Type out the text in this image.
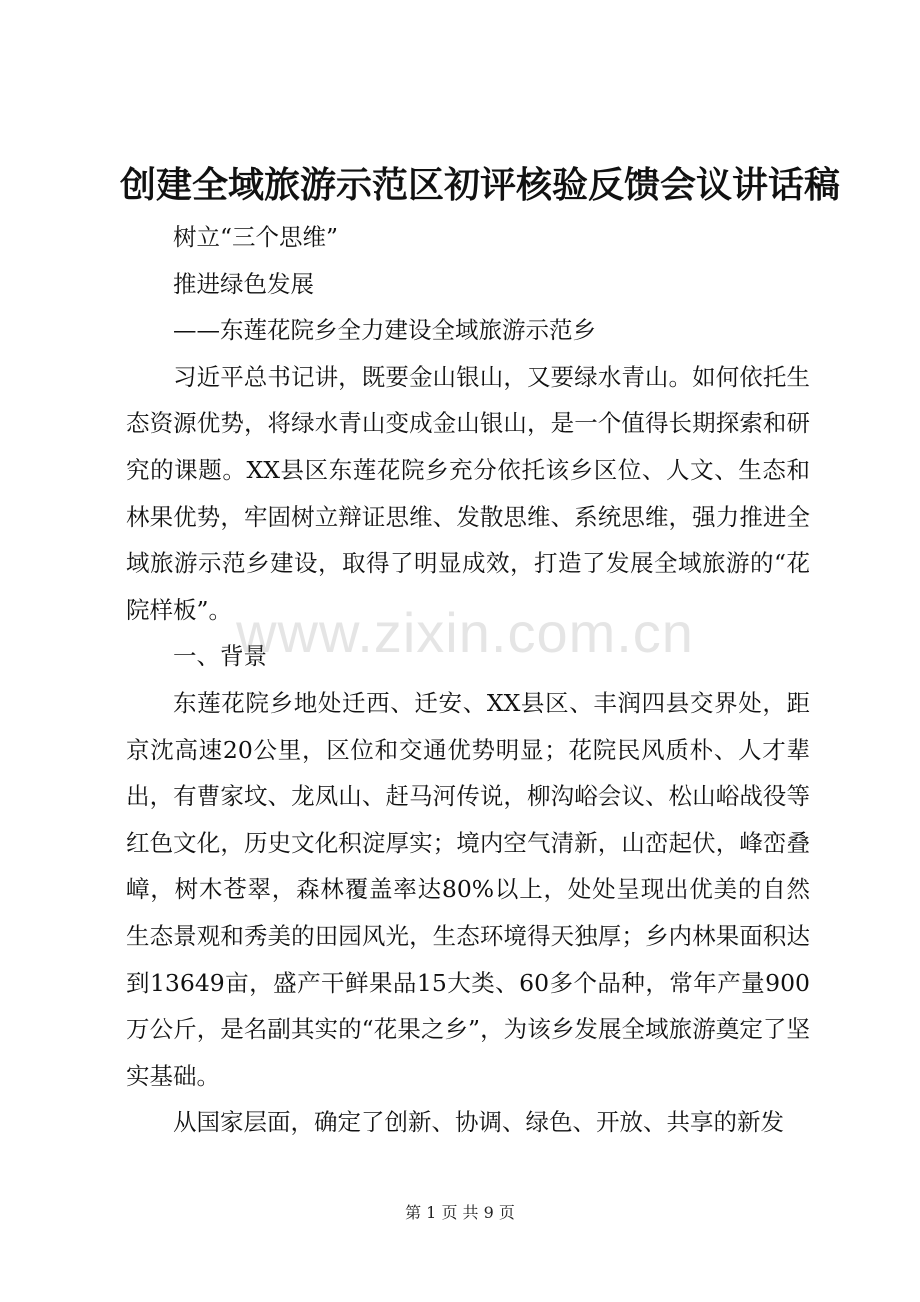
创建全域旅游示范区初评核验反馈会议讲话稿

树立“三个思维”

推进绿色发展

——东莲花院乡全力建设全域旅游示范乡

习近平总书记讲，既要金山银山，又要绿水青山。如何依托生态资源优势，将绿水青山变成金山银山，是一个值得长期探索和研究的课题。XX县区东莲花院乡充分依托该乡区位、人文、生态和林果优势，牢固树立辩证思维、发散思维、系统思维，强力推进全域旅游示范乡建设，取得了明显成效，打造了发展全域旅游的“花院样板”。

一、背景

东莲花院乡地处迁西、迁安、XX县区、丰润四县交界处，距京沈高速20公里，区位和交通优势明显；花院民风质朴、人才辈出，有曹家坟、龙凤山、赶马河传说，柳沟峪会议、松山峪战役等红色文化，历史文化积淀厚实；境内空气清新，山峦起伏，峰峦叠嶂，树木苍翠，森林覆盖率达80%以上，处处呈现出优美的自然生态景观和秀美的田园风光，生态环境得天独厚；乡内林果面积达到13649亩，盛产干鲜果品15大类、60多个品种，常年产量900万公斤，是名副其实的“花果之乡”，为该乡发展全域旅游奠定了坚实基础。

从国家层面，确定了创新、协调、绿色、开放、共享的新发

www.zixin.com.cn
第 1 页 共 9 页
